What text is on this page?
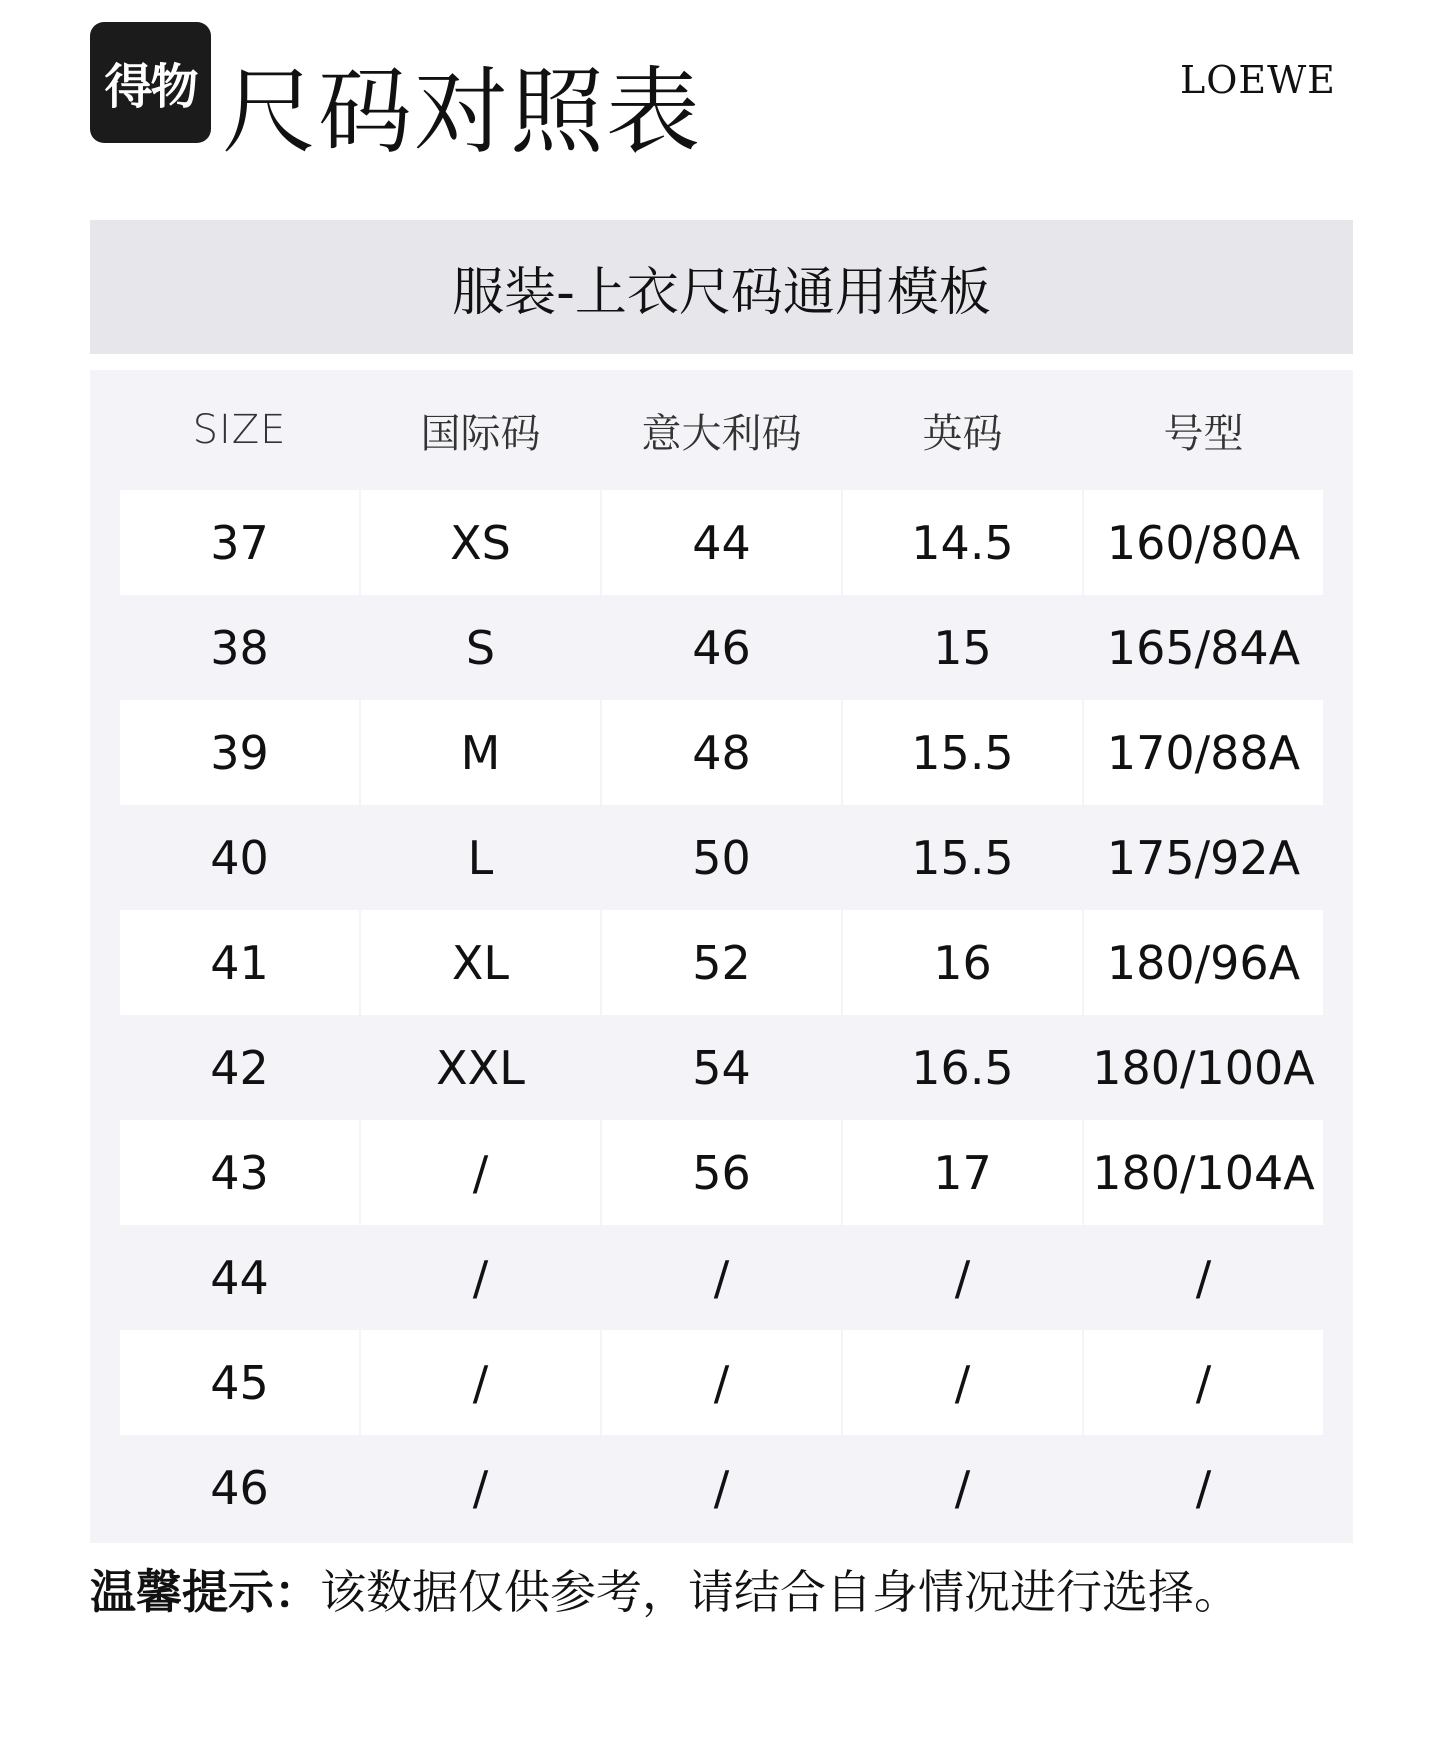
得物 尺码对照表	LOEWE
服装-上衣尺码通用模板
SIZE	国际码	意大利码	英码	号型
37	XS	44	14.5	160/80A
38	S	46	15	165/84A
39	M	48	15.5	170/88A
40	L	50	15.5	175/92A
41	XL	52	16	180/96A
42	XXL	54	16.5	180/100A
43	/	56	17	180/104A
44	/	/	/	/
45	/	/	/	/
46	/	/	/	/
温馨提示：该数据仅供参考，请结合自身情况进行选择。
